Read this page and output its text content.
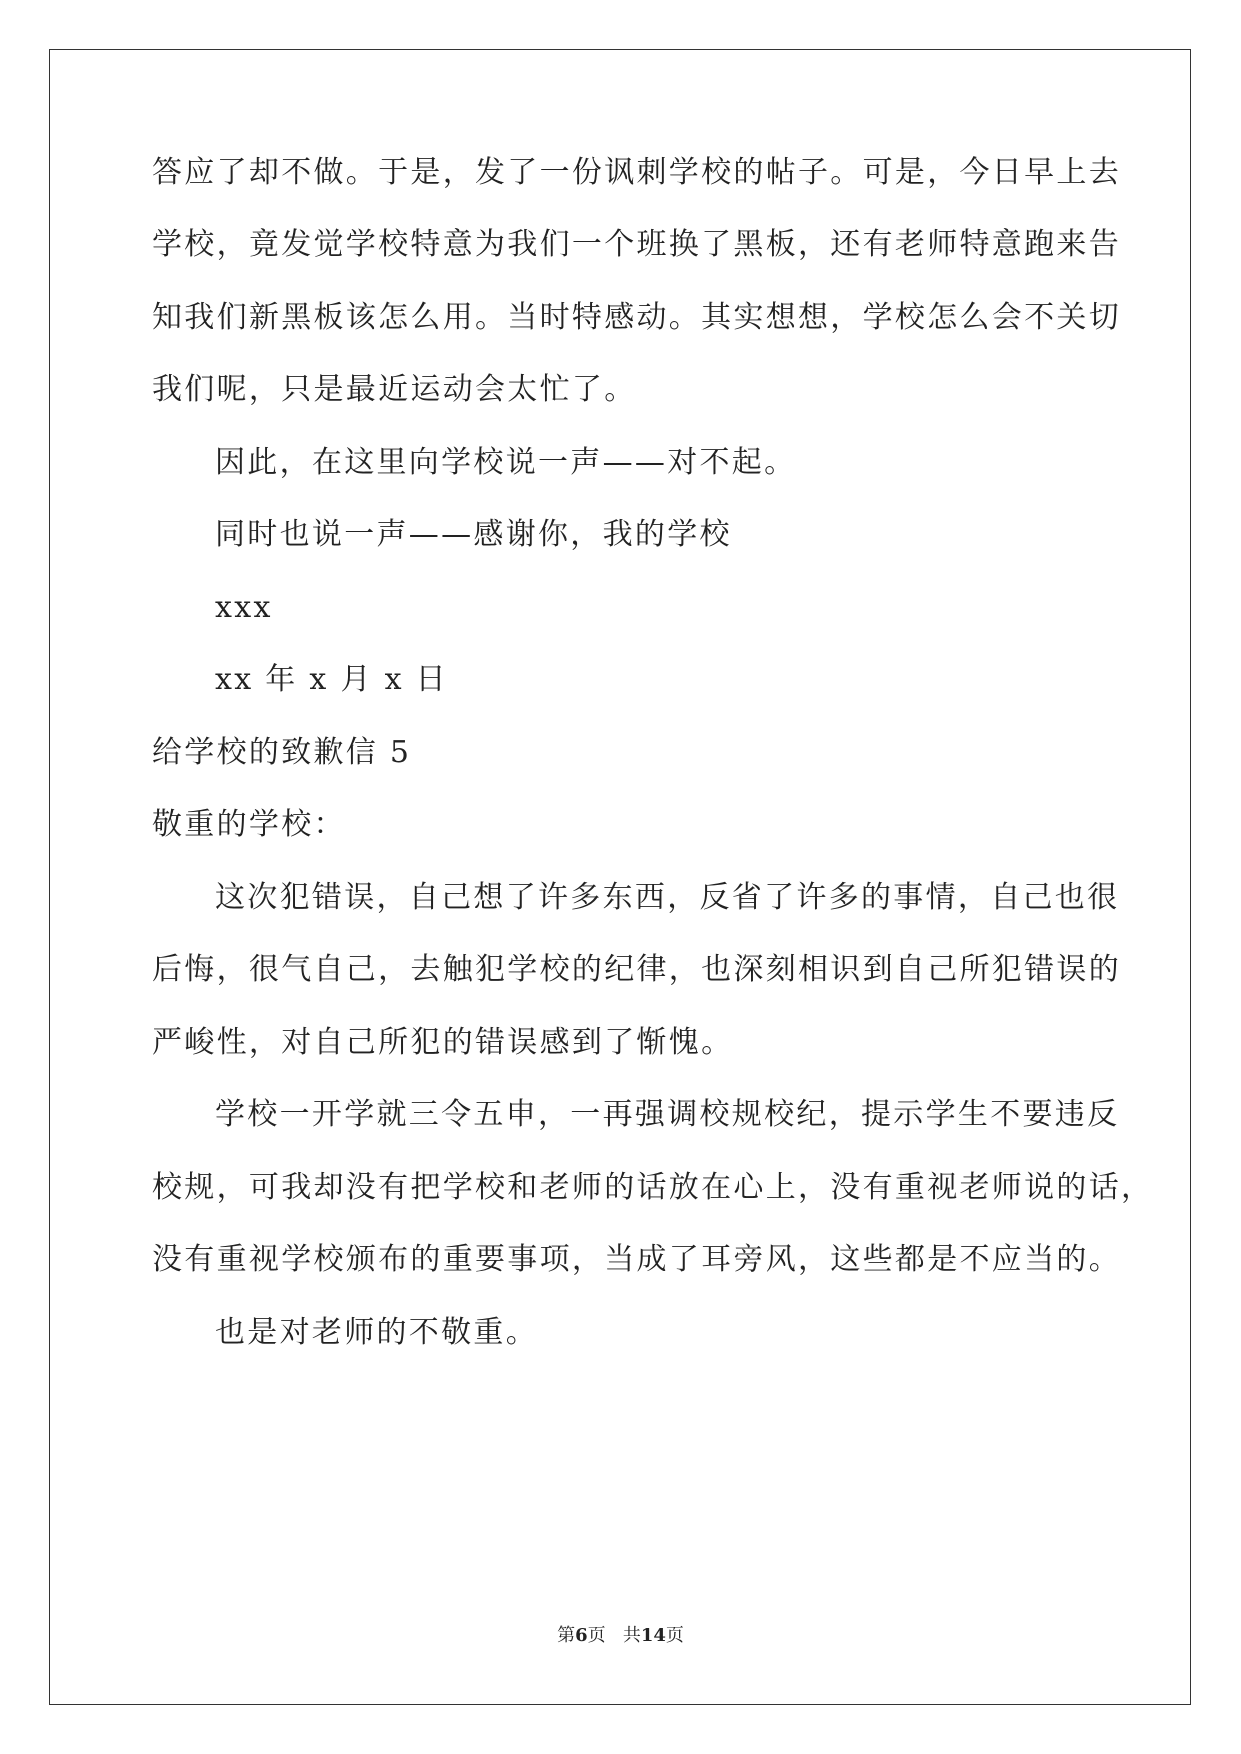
答应了却不做。于是，发了一份讽刺学校的帖子。可是，今日早上去
学校，竟发觉学校特意为我们一个班换了黑板，还有老师特意跑来告
知我们新黑板该怎么用。当时特感动。其实想想，学校怎么会不关切
我们呢，只是最近运动会太忙了。
因此，在这里向学校说一声——对不起。
同时也说一声——感谢你，我的学校
xxx
xx 年 x 月 x 日
给学校的致歉信 5
敬重的学校：
这次犯错误，自己想了许多东西，反省了许多的事情，自己也很
后悔，很气自己，去触犯学校的纪律，也深刻相识到自己所犯错误的
严峻性，对自己所犯的错误感到了惭愧。
学校一开学就三令五申，一再强调校规校纪，提示学生不要违反
校规，可我却没有把学校和老师的话放在心上，没有重视老师说的话，
没有重视学校颁布的重要事项，当成了耳旁风，这些都是不应当的。
也是对老师的不敬重。
第6页 共14页
